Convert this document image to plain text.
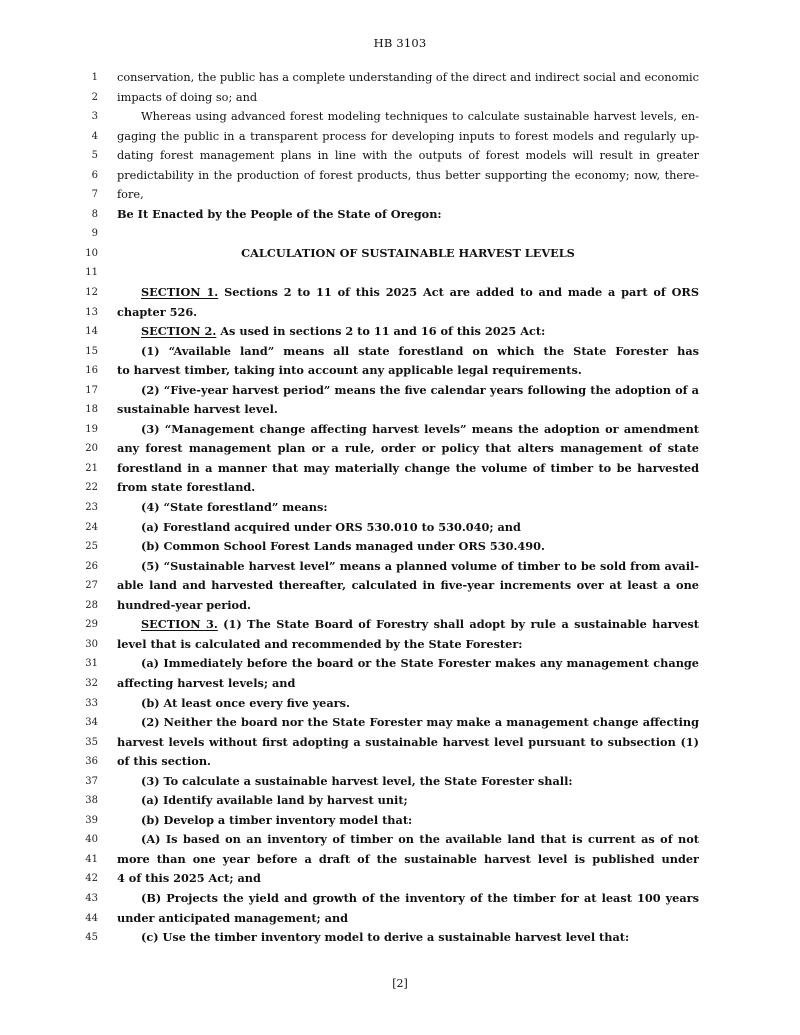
HB 3103
1 conservation, the public has a complete understanding of the direct and indirect social and economic
2 impacts of doing so; and
3	Whereas using advanced forest modeling techniques to calculate sustainable harvest levels, en-
4 gaging the public in a transparent process for developing inputs to forest models and regularly up-
5 dating forest management plans in line with the outputs of forest models will result in greater
6 predictability in the production of forest products, thus better supporting the economy; now, there-
7 fore,
8 Be It Enacted by the People of the State of Oregon:
9
10	CALCULATION OF SUSTAINABLE HARVEST LEVELS
11
12	SECTION 1. Sections 2 to 11 of this 2025 Act are added to and made a part of ORS
13 chapter 526.
14	SECTION 2. As used in sections 2 to 11 and 16 of this 2025 Act:
15	(1) “Available land” means all state forestland on which the State Forester has
16 to harvest timber, taking into account any applicable legal requirements.
17	(2) “Five-year harvest period” means the five calendar years following the adoption of a
18 sustainable harvest level.
19	(3) “Management change affecting harvest levels” means the adoption or amendment
20 any forest management plan or a rule, order or policy that alters management of state
21 forestland in a manner that may materially change the volume of timber to be harvested
22 from state forestland.
23	(4) “State forestland” means:
24	(a) Forestland acquired under ORS 530.010 to 530.040; and
25	(b) Common School Forest Lands managed under ORS 530.490.
26	(5) “Sustainable harvest level” means a planned volume of timber to be sold from avail-
27 able land and harvested thereafter, calculated in five-year increments over at least a one
28 hundred-year period.
29	SECTION 3. (1) The State Board of Forestry shall adopt by rule a sustainable harvest
30 level that is calculated and recommended by the State Forester:
31	(a) Immediately before the board or the State Forester makes any management change
32 affecting harvest levels; and
33	(b) At least once every five years.
34	(2) Neither the board nor the State Forester may make a management change affecting
35 harvest levels without first adopting a sustainable harvest level pursuant to subsection (1)
36 of this section.
37	(3) To calculate a sustainable harvest level, the State Forester shall:
38	(a) Identify available land by harvest unit;
39	(b) Develop a timber inventory model that:
40	(A) Is based on an inventory of timber on the available land that is current as of not
41 more than one year before a draft of the sustainable harvest level is published under
42 4 of this 2025 Act; and
43	(B) Projects the yield and growth of the inventory of the timber for at least 100 years
44 under anticipated management; and
45	(c) Use the timber inventory model to derive a sustainable harvest level that:
[2]
